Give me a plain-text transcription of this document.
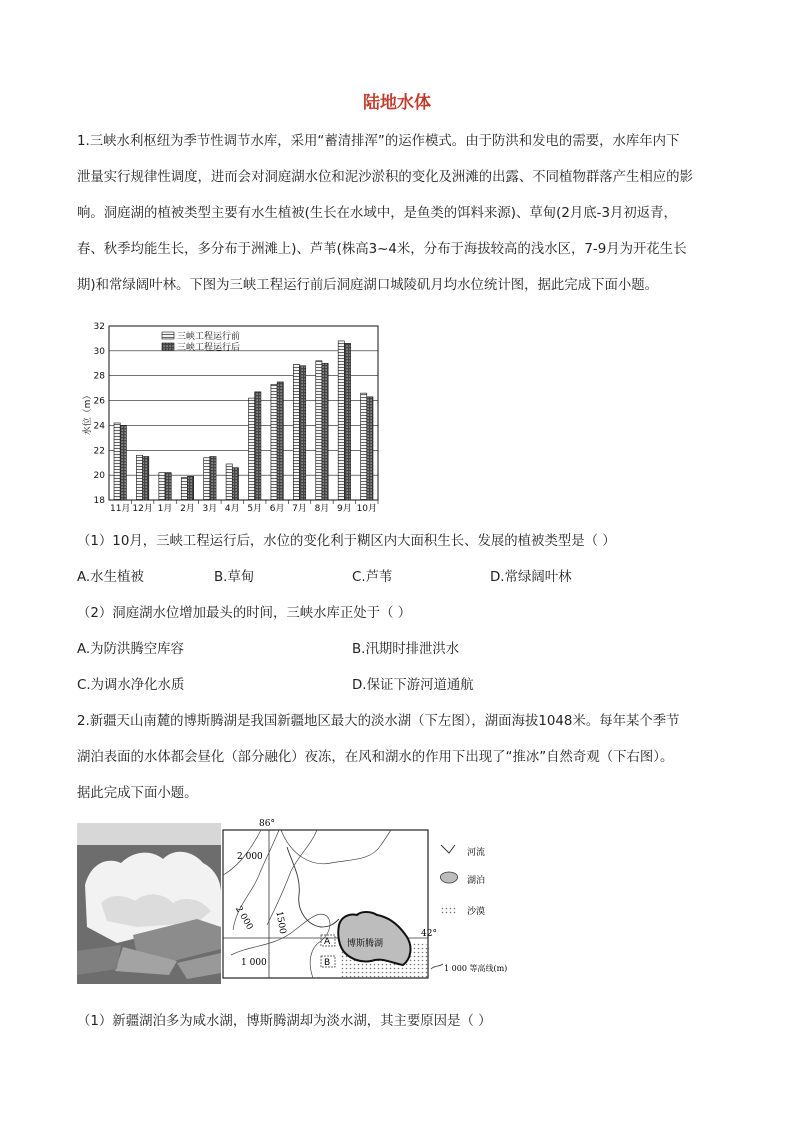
陆地水体
1.三峡水利枢纽为季节性调节水库，采用“蓄清排浑”的运作模式。由于防洪和发电的需要，水库年内下
泄量实行规律性调度，进而会对洞庭湖水位和泥沙淤积的变化及洲滩的出露、不同植物群落产生相应的影
响。洞庭湖的植被类型主要有水生植被(生长在水域中，是鱼类的饵料来源)、草甸(2月底-3月初返青，
春、秋季均能生长，多分布于洲滩上)、芦苇(株高3~4米，分布于海拔较高的浅水区，7-9月为开花生长
期)和常绿阔叶林。下图为三峡工程运行前后洞庭湖口城陵矶月均水位统计图，据此完成下面小题。
18
20
22
24
26
28
30
32
11月 12月 1月 2月 3月 4月 5月 6月 7月 8月 9月 10月
水位（m）
三峡工程运行前
三峡工程运行后
（1）10月，三峡工程运行后，水位的变化利于糊区内大面积生长、发展的植被类型是（ ）
A.水生植被	B.草甸	C.芦苇	D.常绿阔叶林
（2）洞庭湖水位增加最头的时间，三峡水库正处于（ ）
A.为防洪腾空库容	B.汛期时排泄洪水
C.为调水净化水质	D.保证下游河道通航
2.新疆天山南麓的博斯腾湖是我国新疆地区最大的淡水湖（下左图），湖面海拔1048米。每年某个季节
湖泊表面的水体都会昼化（部分融化）夜冻，在风和湖水的作用下出现了“推冰”自然奇观（下右图）。
据此完成下面小题。
86°
42°
博斯腾湖
A
B
2 000
2 000 1500
1 000
河流
湖泊
沙漠
1 000 等高线(m)
（1）新疆湖泊多为咸水湖，博斯腾湖却为淡水湖，其主要原因是（ ）
